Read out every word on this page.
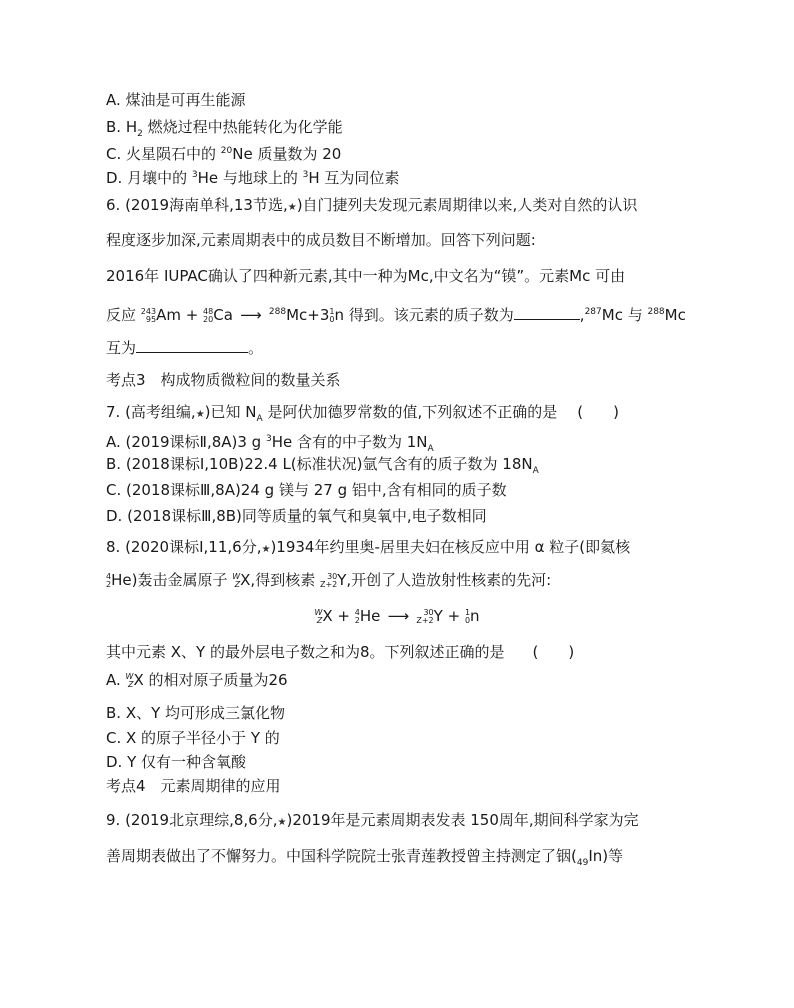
A. 煤油是可再生能源
B. $H_2$ 燃烧过程中热能转化为化学能
C. 火星陨石中的 $^{20}$Ne 质量数为 20
D. 月壤中的 $^3$He 与地球上的 $^3$H 互为同位素
6. (2019海南单科,13节选,★)自门捷列夫发现元素周期律以来,人类对自然的认识
程度逐步加深,元素周期表中的成员数目不断增加。回答下列问题:
2016年 IUPAC确认了四种新元素,其中一种为Mc,中文名为“镆”。元素Mc 可由
反应 243
95 Am + 48
20 Ca ⟶ $^{288}$Mc+3 1
0 n 得到。该元素的质子数为	,$^{287}$Mc 与 $^{288}$Mc
互为	。
考点3　构成物质微粒间的数量关系
7. (高考组编,★)已知 $N_A$ 是阿伏加德罗常数的值,下列叙述不正确的是 (　　)
A. (2019课标Ⅱ,8A)3 g $^3$He 含有的中子数为 $1N_A$
B. (2018课标Ⅰ,10B)22.4 L(标准状况)氩气含有的质子数为 $18N_A$
C. (2018课标Ⅲ,8A)24 g 镁与 27 g 铝中,含有相同的质子数
D. (2018课标Ⅲ,8B)同等质量的氧气和臭氧中,电子数相同
8. (2020课标Ⅰ,11,6分,★)1934年约里奥-居里夫妇在核反应中用 α 粒子(即氦核
4
2 He)轰击金属原子 W
Z X,得到核素 30
Z+2 Y,开创了人造放射性核素的先河:
W
Z X + 4
2 He ⟶	30
Z+2 Y + 1
0 n
其中元素 X、Y 的最外层电子数之和为8。下列叙述正确的是 (　　)
A. W
Z X 的相对原子质量为26
B. X、Y 均可形成三氯化物
C. X 的原子半径小于 Y 的
D. Y 仅有一种含氧酸
考点4　元素周期律的应用
9. (2019北京理综,8,6分,★)2019年是元素周期表发表 150周年,期间科学家为完
善周期表做出了不懈努力。中国科学院院士张青莲教授曾主持测定了铟$(_{49}In)$等
